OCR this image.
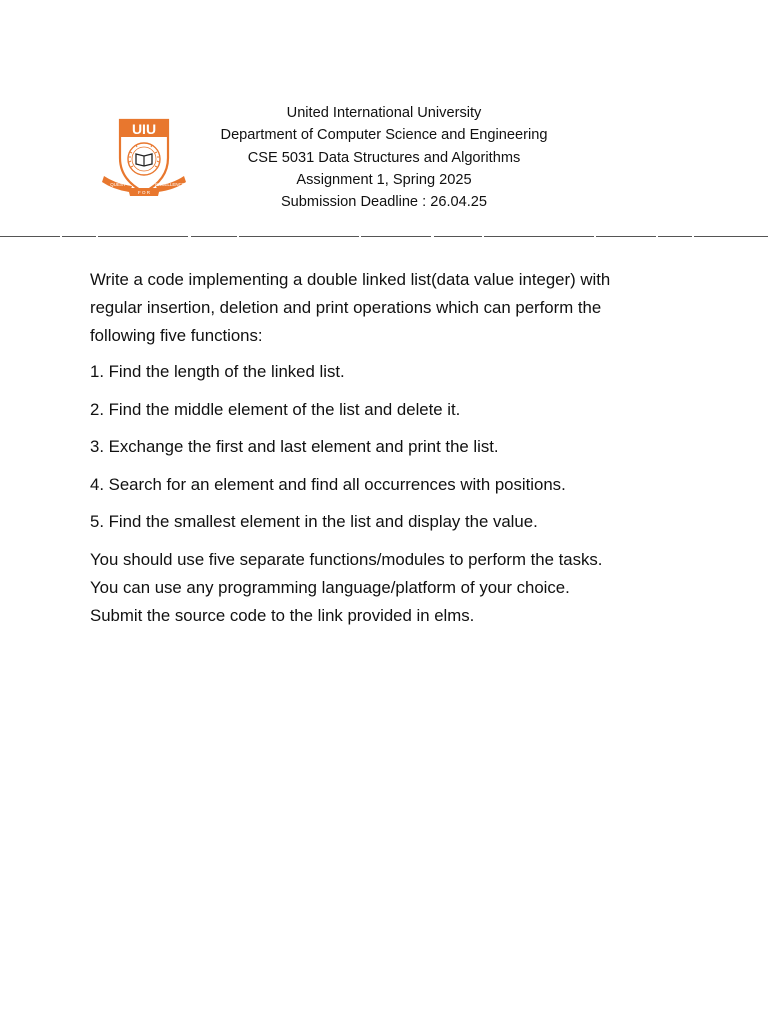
UIU
QUEST	EXCELLENCE
F O R
United International University
Department of Computer Science and Engineering
CSE 5031 Data Structures and Algorithms
Assignment 1, Spring 2025
Submission Deadline : 26.04.25
Write a code implementing a double linked list(data value integer) with
regular insertion, deletion and print operations which can perform the
following five functions:
1. Find the length of the linked list.
2. Find the middle element of the list and delete it.
3. Exchange the first and last element and print the list.
4. Search for an element and find all occurrences with positions.
5. Find the smallest element in the list and display the value.
You should use five separate functions/modules to perform the tasks.
You can use any programming language/platform of your choice.
Submit the source code to the link provided in elms.
